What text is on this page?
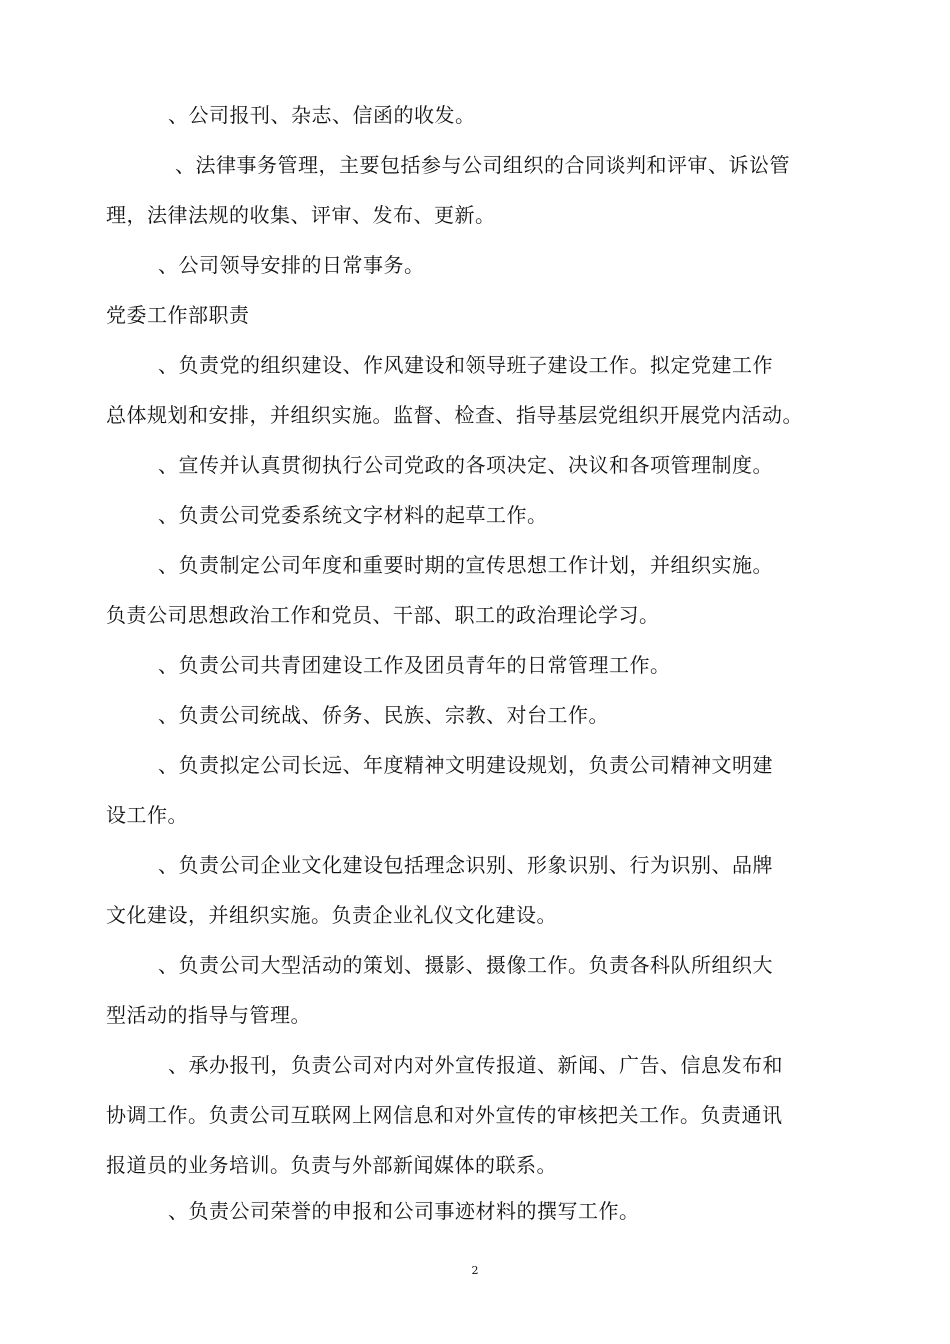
、公司报刊、杂志、信函的收发。
、法律事务管理，主要包括参与公司组织的合同谈判和评审、诉讼管
理，法律法规的收集、评审、发布、更新。
、公司领导安排的日常事务。
党委工作部职责
、负责党的组织建设、作风建设和领导班子建设工作。拟定党建工作
总体规划和安排，并组织实施。监督、检查、指导基层党组织开展党内活动。
、宣传并认真贯彻执行公司党政的各项决定、决议和各项管理制度。
、负责公司党委系统文字材料的起草工作。
、负责制定公司年度和重要时期的宣传思想工作计划，并组织实施。
负责公司思想政治工作和党员、干部、职工的政治理论学习。
、负责公司共青团建设工作及团员青年的日常管理工作。
、负责公司统战、侨务、民族、宗教、对台工作。
、负责拟定公司长远、年度精神文明建设规划，负责公司精神文明建
设工作。
、负责公司企业文化建设包括理念识别、形象识别、行为识别、品牌
文化建设，并组织实施。负责企业礼仪文化建设。
、负责公司大型活动的策划、摄影、摄像工作。负责各科队所组织大
型活动的指导与管理。
、承办报刊，负责公司对内对外宣传报道、新闻、广告、信息发布和
协调工作。负责公司互联网上网信息和对外宣传的审核把关工作。负责通讯
报道员的业务培训。负责与外部新闻媒体的联系。
、负责公司荣誉的申报和公司事迹材料的撰写工作。
2
